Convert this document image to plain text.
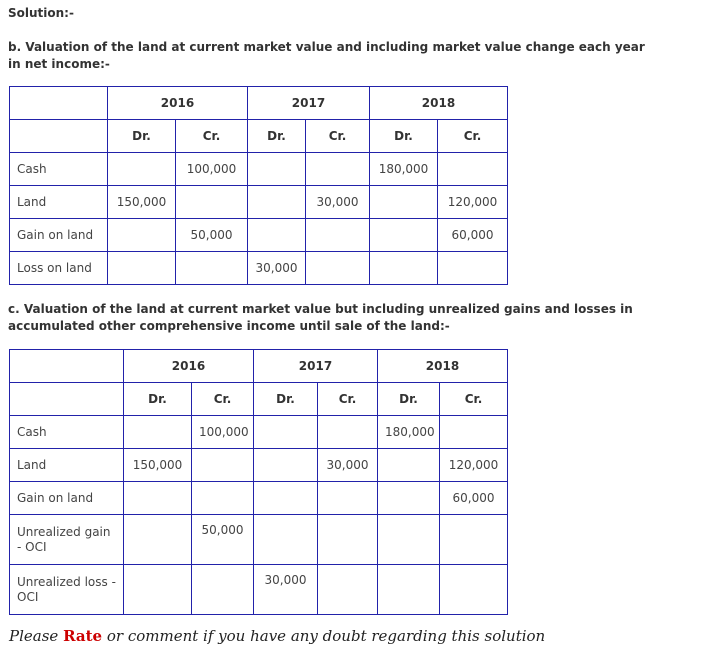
Solution:-
b. Valuation of the land at current market value and including market value change each year in net income:-
	2016		2017		2018	
	Dr.	Cr.	Dr.	Cr.	Dr.	Cr.
Cash		100,000			180,000	
Land	150,000			30,000		120,000
Gain on land		50,000				60,000
Loss on land			30,000			
c. Valuation of the land at current market value but including unrealized gains and losses in accumulated other comprehensive income until sale of the land:-
	2016		2017		2018	
	Dr.	Cr.	Dr.	Cr.	Dr.	Cr.
Cash		100,000			180,000	
Land	150,000			30,000		120,000
Gain on land						60,000
Unrealized gain - OCI		50,000				
Unrealized loss - OCI			30,000			
Please Rate or comment if you have any doubt regarding this solution
